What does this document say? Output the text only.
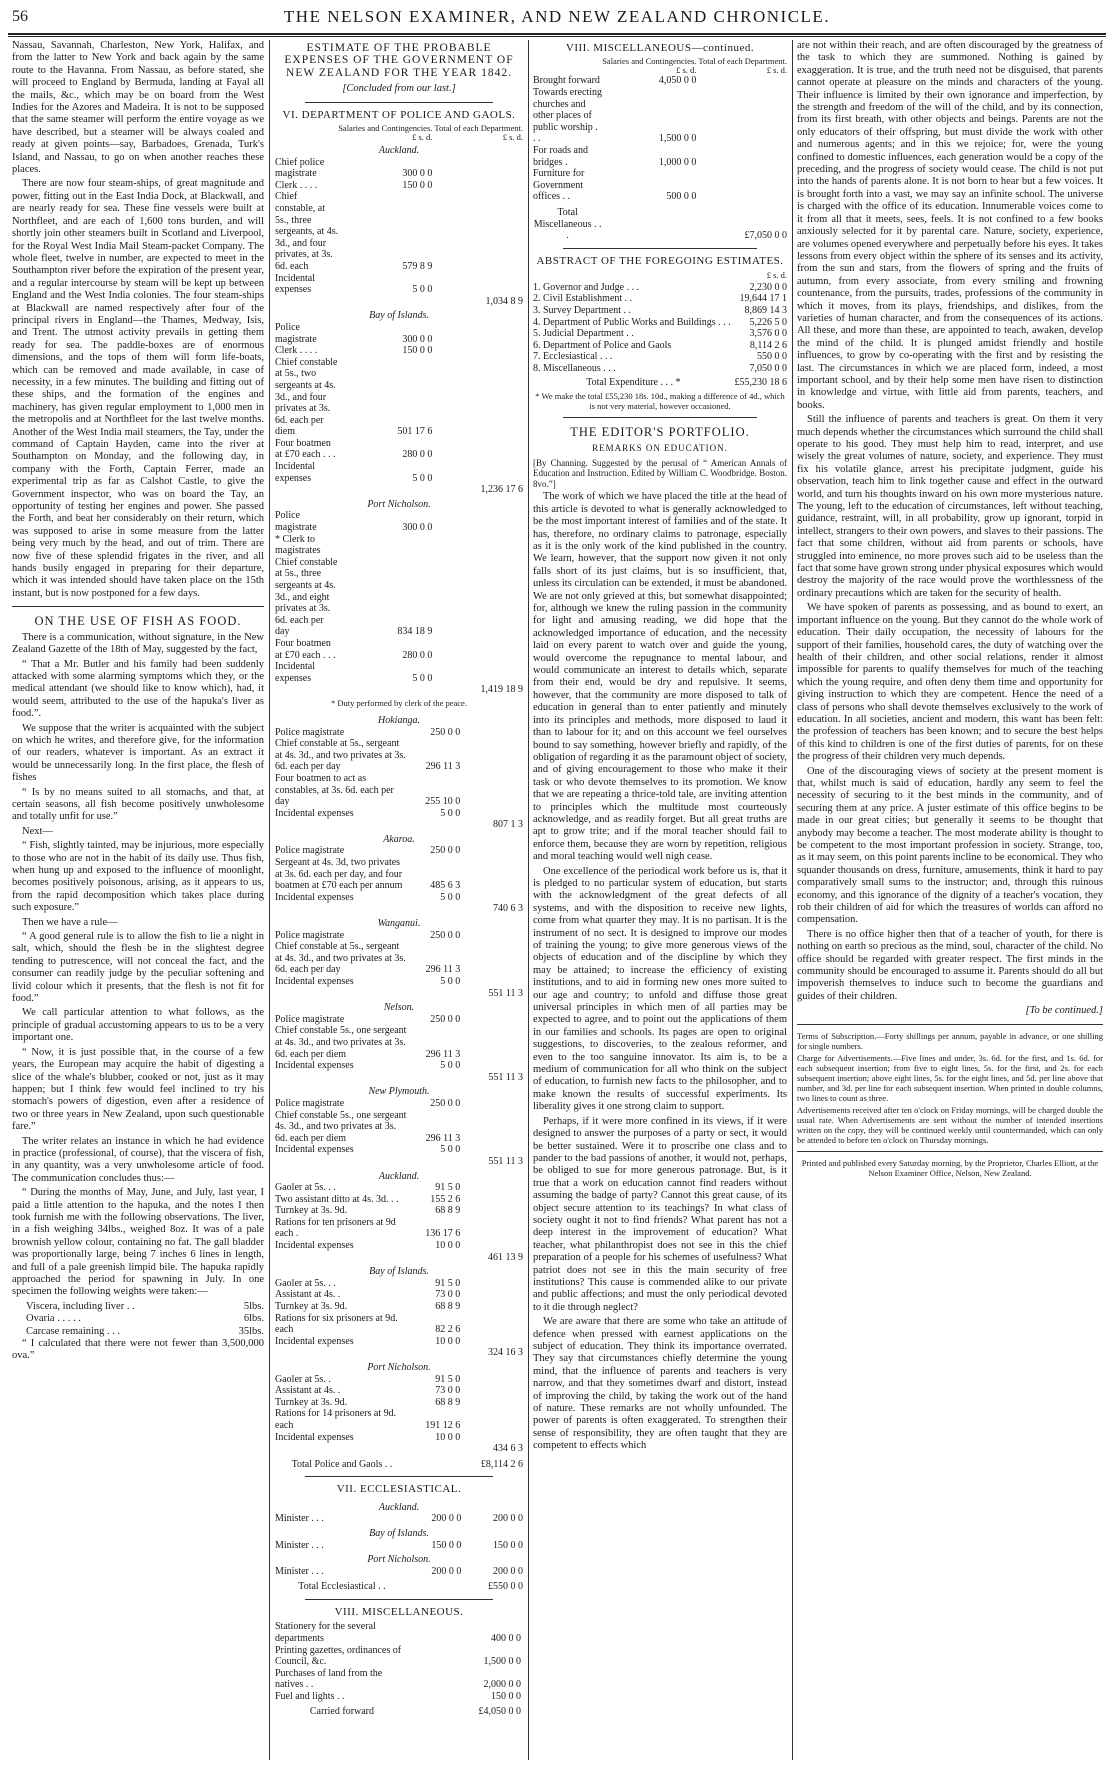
56	THE NELSON EXAMINER, AND NEW ZEALAND CHRONICLE.

Nassau, Savannah, Charleston, New York, Halifax, and from the latter to New York and back again by the same route to the Havanna. From Nassau, as before stated, she will proceed to England by Bermuda, landing at Fayal all the mails, &c., which may be on board from the West Indies for the Azores and Madeira. It is not to be supposed that the same steamer will perform the entire voyage as we have described, but a steamer will be always coaled and ready at given points—say, Barbadoes, Grenada, Turk's Island, and Nassau, to go on when another reaches these places.

There are now four steam-ships, of great magnitude and power, fitting out in the East India Dock, at Blackwall, and are nearly ready for sea. These fine vessels were built at Northfleet, and are each of 1,600 tons burden, and will shortly join other steamers built in Scotland and Liverpool, for the Royal West India Mail Steam-packet Company. The whole fleet, twelve in number, are expected to meet in the Southampton river before the expiration of the present year, and a regular intercourse by steam will be kept up between England and the West India colonies. The four steam-ships at Blackwall are named respectively after four of the principal rivers in England—the Thames, Medway, Isis, and Trent. The utmost activity prevails in getting them ready for sea. The paddle-boxes are of enormous dimensions, and the tops of them will form life-boats, which can be removed and made available, in case of necessity, in a few minutes. The building and fitting out of these ships, and the formation of the engines and machinery, has given regular employment to 1,000 men in the metropolis and at Northfleet for the last twelve months. Another of the West India mail steamers, the Tay, under the command of Captain Hayden, came into the river at Southampton on Monday, and the following day, in company with the Forth, Captain Ferrer, made an experimental trip as far as Calshot Castle, to give the Government inspector, who was on board the Tay, an opportunity of testing her engines and power. She passed the Forth, and beat her considerably on their return, which was supposed to arise in some measure from the latter being very much by the head, and out of trim. There are now five of these splendid frigates in the river, and all hands busily engaged in preparing for their departure, which it was intended should have taken place on the 15th instant, but is now postponed for a few days.

ON THE USE OF FISH AS FOOD.

There is a communication, without signature, in the New Zealand Gazette of the 18th of May, suggested by the fact,

“ That a Mr. Butler and his family had been suddenly attacked with some alarming symptoms which they, or the medical attendant (we should like to know which), had, it would seem, attributed to the use of the hapuka's liver as food.”.

We suppose that the writer is acquainted with the subject on which he writes, and therefore give, for the information of our readers, whatever is important. As an extract it would be unnecessarily long. In the first place, the flesh of fishes

“ Is by no means suited to all stomachs, and that, at certain seasons, all fish become positively unwholesome and totally unfit for use.”

Next—

“ Fish, slightly tainted, may be injurious, more especially to those who are not in the habit of its daily use. Thus fish, when hung up and exposed to the influence of moonlight, becomes positively poisonous, arising, as it appears to us, from the rapid decomposition which takes place during such exposure.”

Then we have a rule—

“ A good general rule is to allow the fish to lie a night in salt, which, should the flesh be in the slightest degree tending to putrescence, will not conceal the fact, and the consumer can readily judge by the peculiar softening and livid colour which it presents, that the flesh is not fit for food.”

We call particular attention to what follows, as the principle of gradual accustoming appears to us to be a very important one.

“ Now, it is just possible that, in the course of a few years, the European may acquire the habit of digesting a slice of the whale's blubber, cooked or not, just as it may happen; but I think few would feel inclined to try his stomach's powers of digestion, even after a residence of two or three years in New Zealand, upon such questionable fare.”

The writer relates an instance in which he had evidence in practice (professional, of course), that the viscera of fish, in any quantity, was a very unwholesome article of food. The communication concludes thus:—

“ During the months of May, June, and July, last year, I paid a little attention to the hapuka, and the notes I then took furnish me with the following observations. The liver, in a fish weighing 34lbs., weighed 8oz. It was of a pale brownish yellow colour, containing no fat. The gall bladder was proportionally large, being 7 inches 6 lines in length, and full of a pale greenish limpid bile. The hapuka rapidly approached the period for spawning in July. In one specimen the following weights were taken:—

Viscera, including liver . .	5lbs.
Ovaria . . . . .	6lbs.
Carcase remaining . . .	35lbs.

“ I calculated that there were not fewer than 3,500,000 ova.”

ESTIMATE OF THE PROBABLE EXPENSES OF THE GOVERNMENT OF NEW ZEALAND FOR THE YEAR 1842.
[Concluded from our last.]
VI. DEPARTMENT OF POLICE AND GAOLS.
	Salaries and Contingencies.	Total of each Department.
	£ s. d.	£ s. d.
Auckland.		
Chief police magistrate	300 0 0	
Clerk . . . .	150 0 0	
Chief constable, at 5s., three sergeants, at 4s. 3d., and four privates, at 3s. 6d. each	579 8 9	
Incidental expenses	5 0 0	
		1,034 8 9
Bay of Islands.		
Police magistrate	300 0 0	
Clerk . . . .	150 0 0	
Chief constable at 5s., two sergeants at 4s. 3d., and four privates at 3s. 6d. each per diem	501 17 6	
Four boatmen at £70 each . . .	280 0 0	
Incidental expenses	5 0 0	
		1,236 17 6
Port Nicholson.		
Police magistrate	300 0 0	
* Clerk to magistrates		
Chief constable at 5s., three sergeants at 4s. 3d., and eight privates at 3s. 6d. each per day	834 18 9	
Four boatmen at £70 each . . .	280 0 0	
Incidental expenses	5 0 0	
		1,419 18 9
* Duty performed by clerk of the peace.
Hokianga.		
Police magistrate	250 0 0	
Chief constable at 5s., sergeant at 4s. 3d., and two privates at 3s. 6d. each per day	296 11 3	
Four boatmen to act as constables, at 3s. 6d. each per day	255 10 0	
Incidental expenses	5 0 0	
		807 1 3
Akaroa.		
Police magistrate	250 0 0	
Sergeant at 4s. 3d, two privates at 3s. 6d. each per day, and four boatmen at £70 each per annum	485 6 3	
Incidental expenses	5 0 0	
		740 6 3
Wanganui.		
Police magistrate	250 0 0	
Chief constable at 5s., sergeant at 4s. 3d., and two privates at 3s. 6d. each per day	296 11 3	
Incidental expenses	5 0 0	
		551 11 3
Nelson.		
Police magistrate	250 0 0	
Chief constable 5s., one sergeant at 4s. 3d., and two privates at 3s. 6d. each per diem	296 11 3	
Incidental expenses	5 0 0	
		551 11 3
New Plymouth.		
Police magistrate	250 0 0	
Chief constable 5s., one sergeant 4s. 3d., and two privates at 3s. 6d. each per diem	296 11 3	
Incidental expenses	5 0 0	
		551 11 3
Auckland.		
Gaoler at 5s. . .	91 5 0	
Two assistant ditto at 4s. 3d. . .	155 2 6	
Turnkey at 3s. 9d.	68 8 9	
Rations for ten prisoners at 9d each .	136 17 6	
Incidental expenses	10 0 0	
		461 13 9
Bay of Islands.		
Gaoler at 5s. . .	91 5 0	
Assistant at 4s. .	73 0 0	
Turnkey at 3s. 9d.	68 8 9	
Rations for six prisoners at 9d. each	82 2 6	
Incidental expenses	10 0 0	
		324 16 3
Port Nicholson.		
Gaoler at 5s. .	91 5 0	
Assistant at 4s. .	73 0 0	
Turnkey at 3s. 9d.	68 8 9	
Rations for 14 prisoners at 9d. each	191 12 6	
Incidental expenses	10 0 0	
		434 6 3
Total Police and Gaols . .		£8,114 2 6
VII. ECCLESIASTICAL.
Auckland.		
Minister . . .	200 0 0	200 0 0
Bay of Islands.		
Minister . . .	150 0 0	150 0 0
Port Nicholson.		
Minister . . .	200 0 0	200 0 0
Total Ecclesiastical . .		£550 0 0
VIII. MISCELLANEOUS.
Stationery for the several departments	400 0 0	
Printing gazettes, ordinances of Council, &c.	1,500 0 0	
Purchases of land from the natives . .	2,000 0 0	
Fuel and lights . .	150 0 0	
Carried forward	£4,050 0 0	
VIII. MISCELLANEOUS—continued.
	Salaries and Contingencies.	Total of each Department.
	£ s. d.	£ s. d.
Brought forward	4,050 0 0	
Towards erecting churches and other places of public worship . . .	1,500 0 0	
For roads and bridges .	1,000 0 0	
Furniture for Government offices . .	500 0 0	
Total Miscellaneous . . .		£7,050 0 0
ABSTRACT OF THE FOREGOING ESTIMATES.
	£ s. d.
1. Governor and Judge . . .	2,230 0 0
2. Civil Establishment . .	19,644 17 1
3. Survey Department . .	8,869 14 3
4. Department of Public Works and Buildings . . .	5,226 5 0
5. Judicial Department . .	3,576 0 0
6. Department of Police and Gaols	8,114 2 6
7. Ecclesiastical . . .	550 0 0
8. Miscellaneous . . .	7,050 0 0
Total Expenditure . . . *	£55,230 18 6
* We make the total £55,230 18s. 10d., making a difference of 4d., which is not very material, however occasioned.
THE EDITOR'S PORTFOLIO.
REMARKS ON EDUCATION.

[By Channing. Suggested by the perusal of “ American Annals of Education and Instruction. Edited by William C. Woodbridge. Boston. 8vo.”]

The work of which we have placed the title at the head of this article is devoted to what is generally acknowledged to be the most important interest of families and of the state. It has, therefore, no ordinary claims to patronage, especially as it is the only work of the kind published in the country. We learn, however, that the support now given it not only falls short of its just claims, but is so insufficient, that, unless its circulation can be extended, it must be abandoned. We are not only grieved at this, but somewhat disappointed; for, although we knew the ruling passion in the community for light and amusing reading, we did hope that the acknowledged importance of education, and the necessity laid on every parent to watch over and guide the young, would overcome the repugnance to mental labour, and would communicate an interest to details which, separate from their end, would be dry and repulsive. It seems, however, that the community are more disposed to talk of education in general than to enter patiently and minutely into its principles and methods, more disposed to laud it than to labour for it; and on this account we feel ourselves bound to say something, however briefly and rapidly, of the obligation of regarding it as the paramount object of society, and of giving encouragement to those who make it their task or who devote themselves to its promotion. We know that we are repeating a thrice-told tale, are inviting attention to principles which the multitude most courteously acknowledge, and as readily forget. But all great truths are apt to grow trite; and if the moral teacher should fail to enforce them, because they are worn by repetition, religious and moral teaching would well nigh cease.

One excellence of the periodical work before us is, that it is pledged to no particular system of education, but starts with the acknowledgment of the great defects of all systems, and with the disposition to receive new lights, come from what quarter they may. It is no partisan. It is the instrument of no sect. It is designed to improve our modes of training the young; to give more generous views of the objects of education and of the discipline by which they may be attained; to increase the efficiency of existing institutions, and to aid in forming new ones more suited to our age and country; to unfold and diffuse those great universal principles in which men of all parties may be expected to agree, and to point out the applications of them in our families and schools. Its pages are open to original suggestions, to discoveries, to the zealous reformer, and even to the too sanguine innovator. Its aim is, to be a medium of communication for all who think on the subject of education, to furnish new facts to the philosopher, and to make known the results of successful experiments. Its liberality gives it one strong claim to support.

Perhaps, if it were more confined in its views, if it were designed to answer the purposes of a party or sect, it would be better sustained. Were it to proscribe one class and to pander to the bad passions of another, it would not, perhaps, be obliged to sue for more generous patronage. But, is it true that a work on education cannot find readers without assuming the badge of party? Cannot this great cause, of its object secure attention to its teachings? In what class of society ought it not to find friends? What parent has not a deep interest in the improvement of education? What teacher, what philanthropist does not see in this the chief preparation of a people for his schemes of usefulness? What patriot does not see in this the main security of free institutions? This cause is commended alike to our private and public affections; and must the only periodical devoted to it die through neglect?

We are aware that there are some who take an attitude of defence when pressed with earnest applications on the subject of education. They think its importance overrated. They say that circumstances chiefly determine the young mind, that the influence of parents and teachers is very narrow, and that they sometimes dwarf and distort, instead of improving the child, by taking the work out of the hand of nature. These remarks are not wholly unfounded. The power of parents is often exaggerated. To strengthen their sense of responsibility, they are often taught that they are competent to effects which

are not within their reach, and are often discouraged by the greatness of the task to which they are summoned. Nothing is gained by exaggeration. It is true, and the truth need not be disguised, that parents cannot operate at pleasure on the minds and characters of the young. Their influence is limited by their own ignorance and imperfection, by the strength and freedom of the will of the child, and by its connection, from its first breath, with other objects and beings. Parents are not the only educators of their offspring, but must divide the work with other and numerous agents; and in this we rejoice; for, were the young confined to domestic influences, each generation would be a copy of the preceding, and the progress of society would cease. The child is not put into the hands of parents alone. It is not born to hear but a few voices. It is brought forth into a vast, we may say an infinite school. The universe is charged with the office of its education. Innumerable voices come to it from all that it meets, sees, feels. It is not confined to a few books anxiously selected for it by parental care. Nature, society, experience, are volumes opened everywhere and perpetually before his eyes. It takes lessons from every object within the sphere of its senses and its activity, from the sun and stars, from the flowers of spring and the fruits of autumn, from every associate, from every smiling and frowning countenance, from the pursuits, trades, professions of the community in which it moves, from its plays, friendships, and dislikes, from the varieties of human character, and from the consequences of its actions. All these, and more than these, are appointed to teach, awaken, develop the mind of the child. It is plunged amidst friendly and hostile influences, to grow by co-operating with the first and by resisting the last. The circumstances in which we are placed form, indeed, a most important school, and by their help some men have risen to distinction in knowledge and virtue, with little aid from parents, teachers, and books.

Still the influence of parents and teachers is great. On them it very much depends whether the circumstances which surround the child shall operate to his good. They must help him to read, interpret, and use wisely the great volumes of nature, society, and experience. They must fix his volatile glance, arrest his precipitate judgment, guide his observation, teach him to link together cause and effect in the outward world, and turn his thoughts inward on his own more mysterious nature. The young, left to the education of circumstances, left without teaching, guidance, restraint, will, in all probability, grow up ignorant, torpid in intellect, strangers to their own powers, and slaves to their passions. The fact that some children, without aid from parents or schools, have struggled into eminence, no more proves such aid to be useless than the fact that some have grown strong under physical exposures which would destroy the majority of the race would prove the worthlessness of the ordinary precautions which are taken for the security of health.

We have spoken of parents as possessing, and as bound to exert, an important influence on the young. But they cannot do the whole work of education. Their daily occupation, the necessity of labours for the support of their families, household cares, the duty of watching over the health of their children, and other social relations, render it almost impossible for parents to qualify themselves for much of the teaching which the young require, and often deny them time and opportunity for giving instruction to which they are competent. Hence the need of a class of persons who shall devote themselves exclusively to the work of education. In all societies, ancient and modern, this want has been felt: the profession of teachers has been known; and to secure the best helps of this kind to children is one of the first duties of parents, for on these the progress of their children very much depends.

One of the discouraging views of society at the present moment is that, whilst much is said of education, hardly any seem to feel the necessity of securing to it the best minds in the community, and of securing them at any price. A juster estimate of this office begins to be made in our great cities; but generally it seems to be thought that anybody may become a teacher. The most moderate ability is thought to be competent to the most important profession in society. Strange, too, as it may seem, on this point parents incline to be economical. They who squander thousands on dress, furniture, amusements, think it hard to pay comparatively small sums to the instructor; and, through this ruinous economy, and this ignorance of the dignity of a teacher's vocation, they rob their children of aid for which the treasures of worlds can afford no compensation.

There is no office higher then that of a teacher of youth, for there is nothing on earth so precious as the mind, soul, character of the child. No office should be regarded with greater respect. The first minds in the community should be encouraged to assume it. Parents should do all but impoverish themselves to induce such to become the guardians and guides of their children.

[To be continued.]

Terms of Subscription.—Forty shillings per annum, payable in advance, or one shilling for single numbers.

Charge for Advertisements.—Five lines and under, 3s. 6d. for the first, and 1s. 6d. for each subsequent insertion; from five to eight lines, 5s. for the first, and 2s. for each subsequent insertion; above eight lines, 5s. for the eight lines, and 5d. per line above that number, and 3d. per line for each subsequent insertion. When printed in double columns, two lines to count as three.

Advertisements received after ten o'clock on Friday mornings, will be charged double the usual rate. When Advertisements are sent without the number of intended insertions written on the copy, they will be continued weekly until countermanded, which can only be attended to before ten o'clock on Thursday mornings.

Printed and published every Saturday morning, by the Proprietor, Charles Elliott, at the Nelson Examiner Office, Nelson, New Zealand.
